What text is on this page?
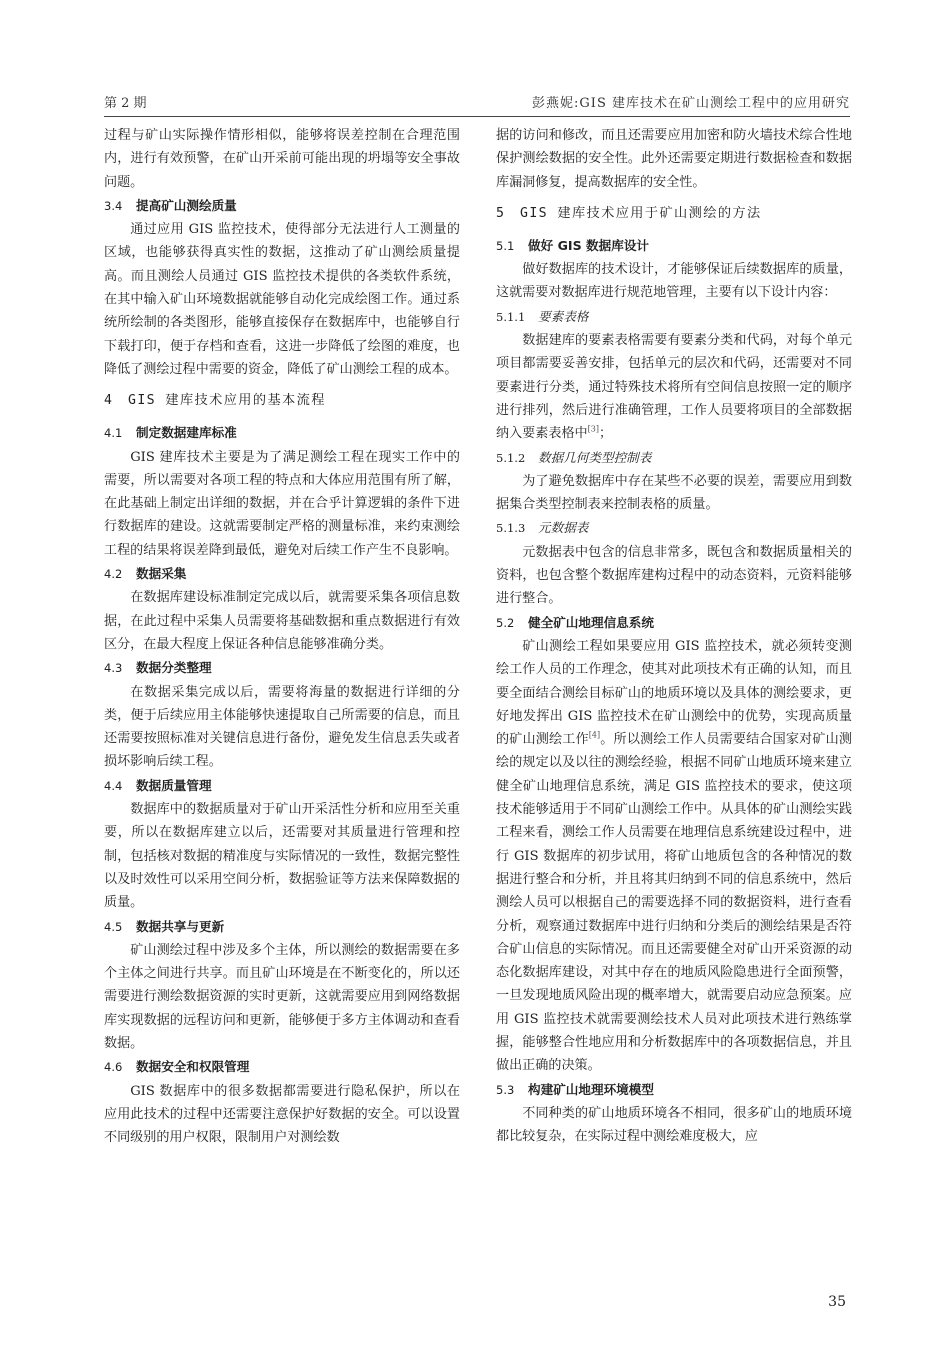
第 2 期	彭燕妮:GIS 建库技术在矿山测绘工程中的应用研究

过程与矿山实际操作情形相似，能够将误差控制在合理范围内，进行有效预警，在矿山开采前可能出现的坍塌等安全事故问题。

3.4 提高矿山测绘质量

通过应用 GIS 监控技术，使得部分无法进行人工测量的区域，也能够获得真实性的数据，这推动了矿山测绘质量提高。而且测绘人员通过 GIS 监控技术提供的各类软件系统，在其中输入矿山环境数据就能够自动化完成绘图工作。通过系统所绘制的各类图形，能够直接保存在数据库中，也能够自行下载打印，便于存档和查看，这进一步降低了绘图的难度，也降低了测绘过程中需要的资金，降低了矿山测绘工程的成本。

4 GIS 建库技术应用的基本流程
4.1 制定数据建库标准

GIS 建库技术主要是为了满足测绘工程在现实工作中的需要，所以需要对各项工程的特点和大体应用范围有所了解，在此基础上制定出详细的数据，并在合乎计算逻辑的条件下进行数据库的建设。这就需要制定严格的测量标准，来约束测绘工程的结果将误差降到最低，避免对后续工作产生不良影响。

4.2 数据采集

在数据库建设标准制定完成以后，就需要采集各项信息数据，在此过程中采集人员需要将基础数据和重点数据进行有效区分，在最大程度上保证各种信息能够准确分类。

4.3 数据分类整理

在数据采集完成以后，需要将海量的数据进行详细的分类，便于后续应用主体能够快速提取自己所需要的信息，而且还需要按照标准对关键信息进行备份，避免发生信息丢失或者损坏影响后续工程。

4.4 数据质量管理

数据库中的数据质量对于矿山开采活性分析和应用至关重要，所以在数据库建立以后，还需要对其质量进行管理和控制，包括核对数据的精准度与实际情况的一致性，数据完整性以及时效性可以采用空间分析，数据验证等方法来保障数据的质量。

4.5 数据共享与更新

矿山测绘过程中涉及多个主体，所以测绘的数据需要在多个主体之间进行共享。而且矿山环境是在不断变化的，所以还需要进行测绘数据资源的实时更新，这就需要应用到网络数据库实现数据的远程访问和更新，能够便于多方主体调动和查看数据。

4.6 数据安全和权限管理

GIS 数据库中的很多数据都需要进行隐私保护，所以在应用此技术的过程中还需要注意保护好数据的安全。可以设置不同级别的用户权限，限制用户对测绘数

据的访问和修改，而且还需要应用加密和防火墙技术综合性地保护测绘数据的安全性。此外还需要定期进行数据检查和数据库漏洞修复，提高数据库的安全性。

5 GIS 建库技术应用于矿山测绘的方法
5.1 做好 GIS 数据库设计

做好数据库的技术设计，才能够保证后续数据库的质量，这就需要对数据库进行规范地管理，主要有以下设计内容：

5.1.1 要素表格

数据建库的要素表格需要有要素分类和代码，对每个单元项目都需要妥善安排，包括单元的层次和代码，还需要对不同要素进行分类，通过特殊技术将所有空间信息按照一定的顺序进行排列，然后进行准确管理，工作人员要将项目的全部数据纳入要素表格中[3]；

5.1.2 数据几何类型控制表

为了避免数据库中存在某些不必要的误差，需要应用到数据集合类型控制表来控制表格的质量。

5.1.3 元数据表

元数据表中包含的信息非常多，既包含和数据质量相关的资料，也包含整个数据库建构过程中的动态资料，元资料能够进行整合。

5.2 健全矿山地理信息系统

矿山测绘工程如果要应用 GIS 监控技术，就必须转变测绘工作人员的工作理念，使其对此项技术有正确的认知，而且要全面结合测绘目标矿山的地质环境以及具体的测绘要求，更好地发挥出 GIS 监控技术在矿山测绘中的优势，实现高质量的矿山测绘工作[4]。所以测绘工作人员需要结合国家对矿山测绘的规定以及以往的测绘经验，根据不同矿山地质环境来建立健全矿山地理信息系统，满足 GIS 监控技术的要求，使这项技术能够适用于不同矿山测绘工作中。从具体的矿山测绘实践工程来看，测绘工作人员需要在地理信息系统建设过程中，进行 GIS 数据库的初步试用，将矿山地质包含的各种情况的数据进行整合和分析，并且将其归纳到不同的信息系统中，然后测绘人员可以根据自己的需要选择不同的数据资料，进行查看分析，观察通过数据库中进行归纳和分类后的测绘结果是否符合矿山信息的实际情况。而且还需要健全对矿山开采资源的动态化数据库建设，对其中存在的地质风险隐患进行全面预警，一旦发现地质风险出现的概率增大，就需要启动应急预案。应用 GIS 监控技术就需要测绘技术人员对此项技术进行熟练掌握，能够整合性地应用和分析数据库中的各项数据信息，并且做出正确的决策。

5.3 构建矿山地理环境模型

不同种类的矿山地质环境各不相同，很多矿山的地质环境都比较复杂，在实际过程中测绘难度极大，应

35
